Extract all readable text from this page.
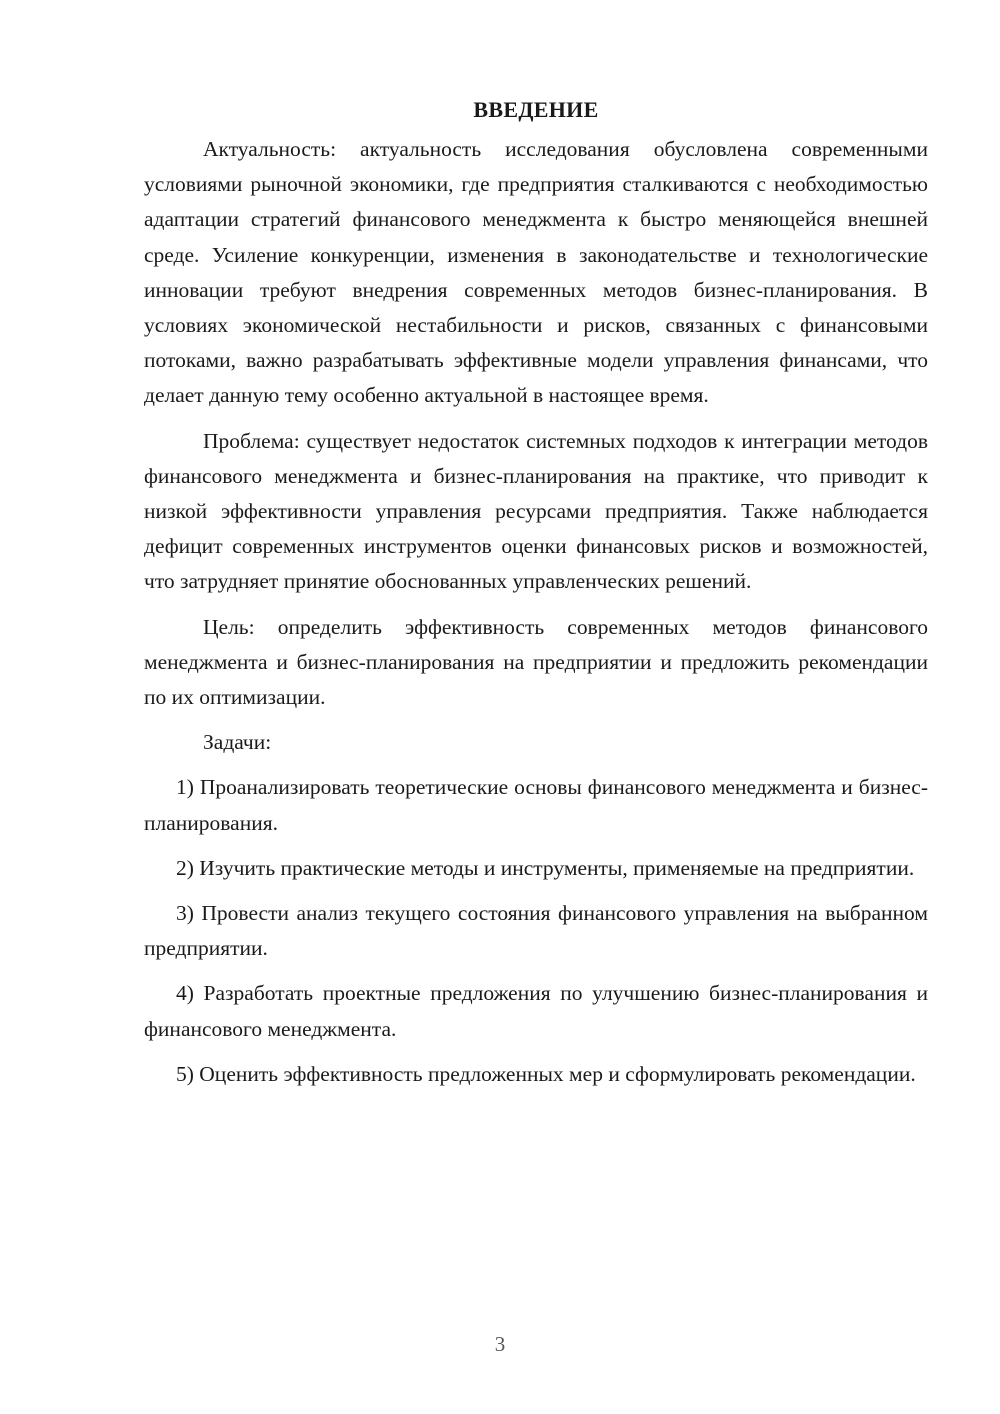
ВВЕДЕНИЕ

Актуальность: актуальность исследования обусловлена современными условиями рыночной экономики, где предприятия сталкиваются с необходимостью адаптации стратегий финансового менеджмента к быстро меняющейся внешней среде. Усиление конкуренции, изменения в законодательстве и технологические инновации требуют внедрения современных методов бизнес-планирования. В условиях экономической нестабильности и рисков, связанных с финансовыми потоками, важно разрабатывать эффективные модели управления финансами, что делает данную тему особенно актуальной в настоящее время.

Проблема: существует недостаток системных подходов к интеграции методов финансового менеджмента и бизнес-планирования на практике, что приводит к низкой эффективности управления ресурсами предприятия. Также наблюдается дефицит современных инструментов оценки финансовых рисков и возможностей, что затрудняет принятие обоснованных управленческих решений.

Цель: определить эффективность современных методов финансового менеджмента и бизнес-планирования на предприятии и предложить рекомендации по их оптимизации.

Задачи:

1) Проанализировать теоретические основы финансового менеджмента и бизнес-планирования.

2) Изучить практические методы и инструменты, применяемые на предприятии.

3) Провести анализ текущего состояния финансового управления на выбранном предприятии.

4) Разработать проектные предложения по улучшению бизнес-планирования и финансового менеджмента.

5) Оценить эффективность предложенных мер и сформулировать рекомендации.

3
